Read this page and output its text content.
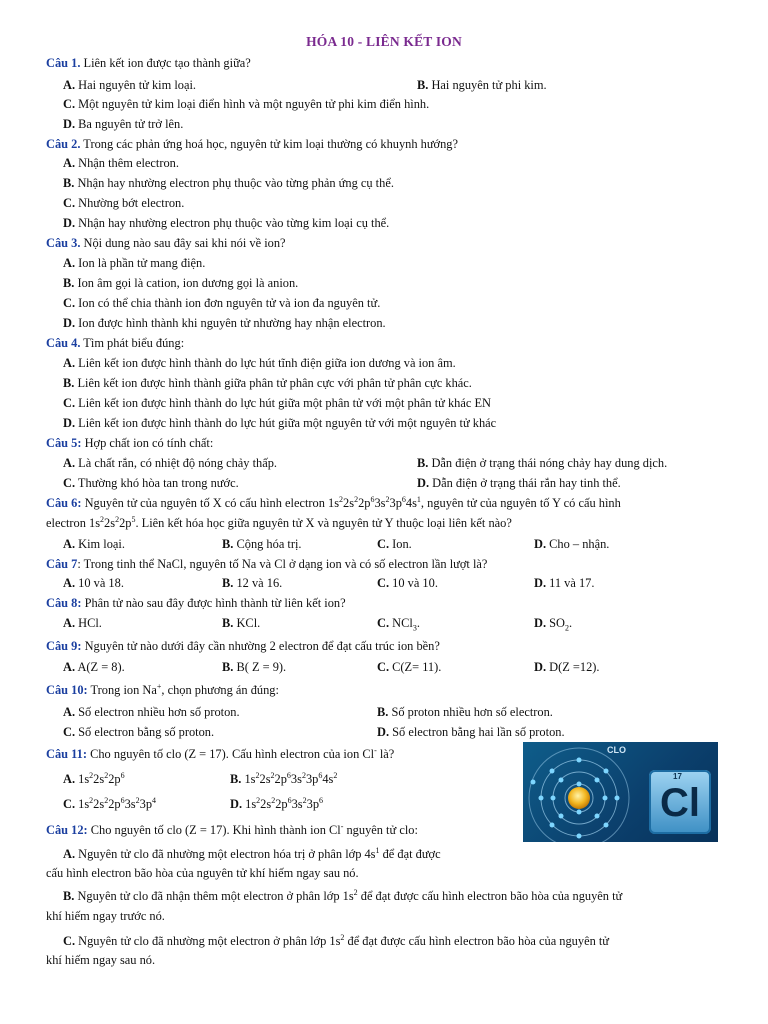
HÓA 10 - LIÊN KẾT ION
Câu 1. Liên kết ion được tạo thành giữa?
A. Hai nguyên tử kim loại.	B. Hai nguyên tử phi kim.
C. Một nguyên tử kim loại điển hình và một nguyên tử phi kim điển hình.
D. Ba nguyên tử trở lên.
Câu 2. Trong các phản ứng hoá học, nguyên tử kim loại thường có khuynh hướng?
A. Nhận thêm electron.
B. Nhận hay nhường electron phụ thuộc vào từng phản ứng cụ thể.
C. Nhường bớt electron.
D. Nhận hay nhường electron phụ thuộc vào từng kim loại cụ thể.
Câu 3. Nội dung nào sau đây sai khi nói về ion?
A. Ion là phần tử mang điện.
B. Ion âm gọi là cation, ion dương gọi là anion.
C. Ion có thể chia thành ion đơn nguyên tử và ion đa nguyên tử.
D. Ion được hình thành khi nguyên tử nhường hay nhận electron.
Câu 4. Tìm phát biểu đúng:
A. Liên kết ion được hình thành do lực hút tĩnh điện giữa ion dương và ion âm.
B. Liên kết ion được hình thành giữa phân tử phân cực với phân tử phân cực khác.
C. Liên kết ion được hình thành do lực hút giữa một phân tử với một phân tử khác EN
D. Liên kết ion được hình thành do lực hút giữa một nguyên tử với một nguyên tử khác
Câu 5: Hợp chất ion có tính chất:
A. Là chất rắn, có nhiệt độ nóng chảy thấp.	B. Dẫn điện ở trạng thái nóng chảy hay dung dịch.
C. Thường khó hòa tan trong nước.	D. Dẫn điện ở trạng thái rắn hay tinh thể.
Câu 6: Nguyên tử của nguyên tố X có cấu hình electron $1s^22s^22p^63s^23p^64s^1$, nguyên tử của nguyên tố Y có cấu hình
electron $1s^22s^22p^5$. Liên kết hóa học giữa nguyên tử X và nguyên tử Y thuộc loại liên kết nào?
A. Kim loại.	B. Cộng hóa trị.	C. Ion.	D. Cho – nhận.
Câu 7: Trong tinh thể NaCl, nguyên tố Na và Cl ở dạng ion và có số electron lần lượt là?
A. 10 và 18.	B. 12 và 16.	C. 10 và 10.	D. 11 và 17.
Câu 8: Phân tử nào sau đây được hình thành từ liên kết ion?
A. HCl.	B. KCl.	C. NCl$_3$.	D. $SO_2$.
Câu 9: Nguyên tử nào dưới đây cần nhường 2 electron để đạt cấu trúc ion bền?
A. A(Z = 8).	B. B( Z = 9).	C. C(Z= 11).	D. D(Z =12).
Câu 10: Trong ion Na+, chọn phương án đúng:
A. Số electron nhiều hơn số proton.	B. Số proton nhiều hơn số electron.
C. Số electron bằng số proton.	D. Số electron bằng hai lần số proton.
Câu 11: Cho nguyên tố clo (Z = 17). Cấu hình electron của ion Cl- là?
A. $1s^22s^22p^6$	B. $1s^22s^22p^63s^23p^64s^2$
C. $1s^22s^22p^63s^23p^4$	D. $1s^22s^22p^63s^23p^6$
CLO
17
Cl
Câu 12: Cho nguyên tố clo (Z = 17). Khi hình thành ion Cl- nguyên tử clo:
A. Nguyên tử clo đã nhường một electron hóa trị ở phân lớp $4s^1$ để đạt được
cấu hình electron bão hòa của nguyên tử khí hiếm ngay sau nó.
B. Nguyên tử clo đã nhận thêm một electron ở phân lớp $1s^2$ để đạt được cấu hình electron bão hòa của nguyên tử
khí hiếm ngay trước nó.
C. Nguyên tử clo đã nhường một electron ở phân lớp $1s^2$ để đạt được cấu hình electron bão hòa của nguyên tử
khí hiếm ngay sau nó.
